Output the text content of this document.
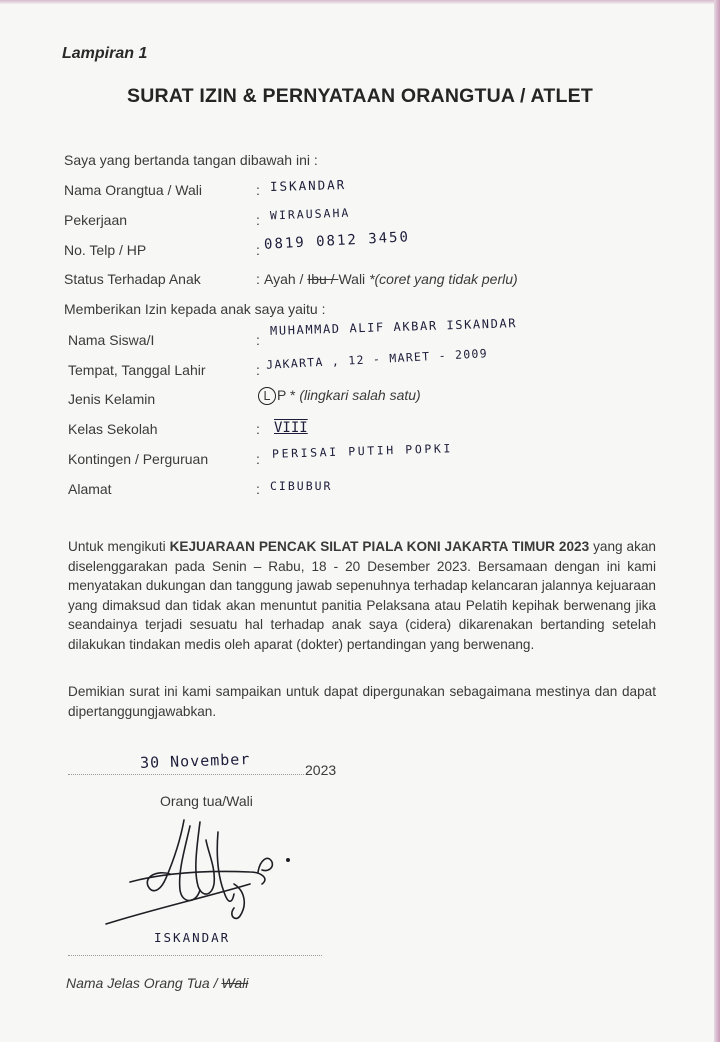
Lampiran 1
SURAT IZIN & PERNYATAAN ORANGTUA / ATLET
Saya yang bertanda tangan dibawah ini :
Nama Orangtua / Wali	: ISKANDAR
Pekerjaan	: WIRAUSAHA
No. Telp / HP	: 0819 0812 3450
Status Terhadap Anak	: Ayah / Ibu / Wali *(coret yang tidak perlu)
Memberikan Izin kepada anak saya yaitu :
Nama Siswa/I	:
MUHAMMAD ALIF AKBAR ISKANDAR
Tempat, Tanggal Lahir	: JAKARTA , 12 - MARET - 2009
Jenis Kelamin	L P * (lingkari salah satu)
Kelas Sekolah	: VIII
Kontingen / Perguruan	: PERISAI PUTIH POPKI
Alamat	: CIBUBUR
Untuk mengikuti KEJUARAAN PENCAK SILAT PIALA KONI JAKARTA TIMUR 2023 yang akan diselenggarakan pada Senin – Rabu, 18 - 20 Desember 2023. Bersamaan dengan ini kami menyatakan dukungan dan tanggung jawab sepenuhnya terhadap kelancaran jalannya kejuaraan yang dimaksud dan tidak akan menuntut panitia Pelaksana atau Pelatih kepihak berwenang jika seandainya terjadi sesuatu hal terhadap anak saya (cidera) dikarenakan bertanding setelah dilakukan tindakan medis oleh aparat (dokter) pertandingan yang berwenang.
Demikian surat ini kami sampaikan untuk dapat dipergunakan sebagaimana mestinya dan dapat dipertanggungjawabkan.
30 November	2023
Orang tua/Wali
ISKANDAR
Nama Jelas Orang Tua / Wali
